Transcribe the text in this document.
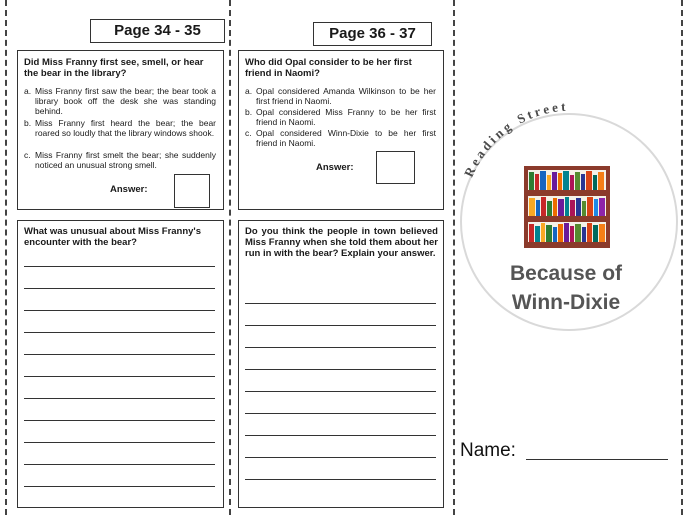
Page 34 - 35
Did Miss Franny first see, smell, or hear the bear in the library?
a. Miss Franny first saw the bear; the bear took a library book off the desk she was standing behind.
b. Miss Franny first heard the bear; the bear roared so loudly that the library windows shook.
c. Miss Franny first smelt the bear; she suddenly noticed an unusual strong smell.
Answer:
What was unusual about Miss Franny's encounter with the bear?
Page 36 - 37
Who did Opal consider to be her first friend in Naomi?
a. Opal considered Amanda Wilkinson to be her first friend in Naomi.
b. Opal considered Miss Franny to be her first friend in Naomi.
c. Opal considered Winn-Dixie to be her first friend in Naomi.
Answer:
Do you think the people in town believed Miss Franny when she told them about her run in with the bear? Explain your answer.
Reading Street
Because of
Winn-Dixie
Name:
